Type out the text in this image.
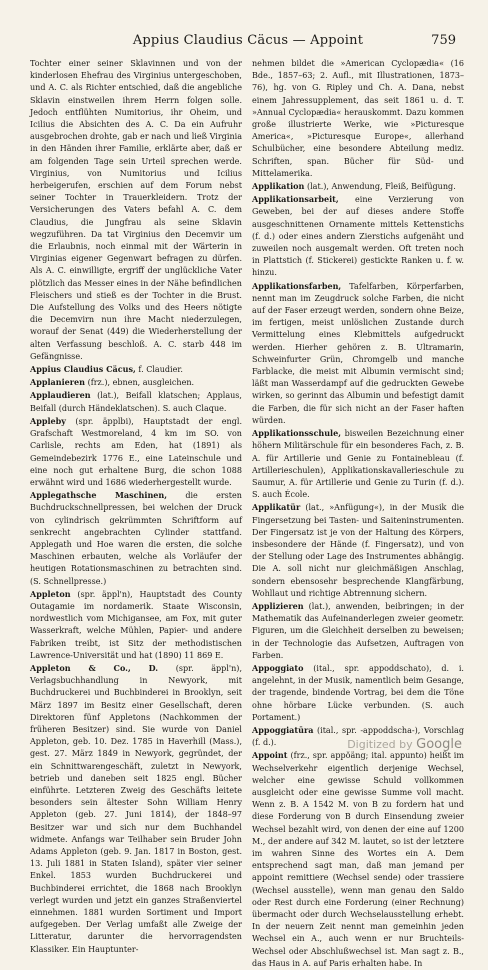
Appius Claudius Cäcus — Appoint	759

Tochter einer seiner Sklavinnen und von der kinderlosen Ehefrau des Virginius untergeschoben, und A. C. als Richter entschied, daß die angebliche Sklavin einstweilen ihrem Herrn folgen solle. Jedoch entflühten Numitorius, ihr Oheim, und Icilius die Absichten des A. C. Da ein Aufruhr ausgebrochen drohte, gab er nach und ließ Virginia in den Händen ihrer Familie, erklärte aber, daß er am folgenden Tage sein Urteil sprechen werde. Virginius, von Numitorius und Icilius herbeigerufen, erschien auf dem Forum nebst seiner Tochter in Trauerkleidern. Trotz der Versicherungen des Vaters befahl A. C. dem Claudius, die Jungfrau als seine Sklavin wegzuführen. Da tat Virginius den Decemvir um die Erlaubnis, noch einmal mit der Wärterin in Virginias eigener Gegenwart befragen zu dürfen. Als A. C. einwilligte, ergriff der unglückliche Vater plötzlich das Messer eines in der Nähe befindlichen Fleischers und stieß es der Tochter in die Brust. Die Aufstellung des Volks und des Heers nötigte die Decemvirn nun ihre Macht niederzulegen, worauf der Senat (449) die Wiederherstellung der alten Verfassung beschloß. A. C. starb 448 im Gefängnisse.

Appius Claudius Cäcus, f. Claudier.

Applanieren (frz.), ebnen, ausgleichen.

Applaudieren (lat.), Beifall klatschen; Applaus, Beifall (durch Händeklatschen). S. auch Claque.

Appleby (spr. äpplbi), Hauptstadt der engl. Grafschaft Westmoreland, 4 km im SO. von Carlisle, rechts am Eden, hat (1891) als Gemeindebezirk 1776 E., eine Lateinschule und eine noch gut erhaltene Burg, die schon 1088 erwähnt wird und 1686 wiederhergestellt wurde.

Applegathsche Maschinen, die ersten Buchdruckschnellpressen, bei welchen der Druck von cylindrisch gekrümmten Schriftform auf senkrecht angebrachten Cylinder stattfand. Applegath und Hoe waren die ersten, die solche Maschinen erbauten, welche als Vorläufer der heutigen Rotationsmaschinen zu betrachten sind. (S. Schnellpresse.)

Appleton (spr. äppl'n), Hauptstadt des County Outagamie im nordamerik. Staate Wisconsin, nordwestlich vom Michigansee, am Fox, mit guter Wasserkraft, welche Mühlen, Papier- und andere Fabriken treibt, ist Sitz der methodistischen Lawrence-Universität und hat (1890) 11 869 E.

Appleton & Co., D. (spr. äppl'n), Verlagsbuchhandlung in Newyork, mit Buchdruckerei und Buchbinderei in Brooklyn, seit März 1897 im Besitz einer Gesellschaft, deren Direktoren fünf Appletons (Nachkommen der früheren Besitzer) sind. Sie wurde von Daniel Appleton, geb. 10. Dez. 1785 in Haverhill (Mass.), gest. 27. März 1849 in Newyork, gegründet, der ein Schnittwarengeschäft, zuletzt in Newyork, betrieb und daneben seit 1825 engl. Bücher einführte. Letzteren Zweig des Geschäfts leitete besonders sein ältester Sohn William Henry Appleton (geb. 27. Juni 1814), der 1848–97 Besitzer war und sich nur dem Buchhandel widmete. Anfangs war Teilhaber sein Bruder John Adams Appleton (geb. 9. Jan. 1817 in Boston, gest. 13. Juli 1881 in Staten Island), später vier seiner Enkel. 1853 wurden Buchdruckerei und Buchbinderei errichtet, die 1868 nach Brooklyn verlegt wurden und jetzt ein ganzes Straßenviertel einnehmen. 1881 wurden Sortiment und Import aufgegeben. Der Verlag umfaßt alle Zweige der Litteratur, darunter die hervorragendsten Klassiker. Ein Hauptunter-

nehmen bildet die »American Cyclopædia« (16 Bde., 1857–63; 2. Aufl., mit Illustrationen, 1873–76), hg. von G. Ripley und Ch. A. Dana, nebst einem Jahressupplement, das seit 1861 u. d. T. »Annual Cyclopædia« herauskommt. Dazu kommen große illustrierte Werke, wie »Picturesque America«, »Picturesque Europe«, allerhand Schulbücher, eine besondere Abteilung mediz. Schriften, span. Bücher für Süd- und Mittelamerika.

Applikation (lat.), Anwendung, Fleiß, Beifügung.

Applikationsarbeit, eine Verzierung von Geweben, bei der auf dieses andere Stoffe ausgeschnittenen Ornamente mittels Kettenstichs (f. d.) oder eines andern Zierstichs aufgenäht und zuweilen noch ausgemalt werden. Oft treten noch in Plattstich (f. Stickerei) gestickte Ranken u. f. w. hinzu.

Applikationsfarben, Tafelfarben, Körperfarben, nennt man im Zeugdruck solche Farben, die nicht auf der Faser erzeugt werden, sondern ohne Beize, im fertigen, meist unlöslichen Zustande durch Vermittelung eines Klebmittels aufgedruckt werden. Hierher gehören z. B. Ultramarin, Schweinfurter Grün, Chromgelb und manche Farblacke, die meist mit Albumin vermischt sind; läßt man Wasserdampf auf die gedruckten Gewebe wirken, so gerinnt das Albumin und befestigt damit die Farben, die für sich nicht an der Faser haften würden.

Applikationsschule, bisweilen Bezeichnung einer höhern Militärschule für ein besonderes Fach, z. B. A. für Artillerie und Genie zu Fontainebleau (f. Artillerieschulen), Applikationskavallerieschule zu Saumur, A. für Artillerie und Genie zu Turin (f. d.). S. auch École.

Applikatür (lat., »Anfügung«), in der Musik die Fingersetzung bei Tasten- und Saiteninstrumenten. Der Fingersatz ist je von der Haltung des Körpers, insbesondere der Hände (f. Fingersatz), und von der Stellung oder Lage des Instrumentes abhängig. Die A. soll nicht nur gleichmäßigen Anschlag, sondern ebensosehr besprechende Klangfärbung, Wohllaut und richtige Abtrennung sichern.

Applizieren (lat.), anwenden, beibringen; in der Mathematik das Aufeinanderlegen zweier geometr. Figuren, um die Gleichheit derselben zu beweisen; in der Technologie das Aufsetzen, Auftragen von Farben.

Appoggiato (ital., spr. appoddschato), d. i. angelehnt, in der Musik, namentlich beim Gesange, der tragende, bindende Vortrag, bei dem die Töne ohne hörbare Lücke verbunden. (S. auch Portament.)

Appoggiatūra (ital., spr. -appoddscha-), Vorschlag (f. d.).

Appoint (frz., spr. appŏäng; ital. appunto) heißt im Wechselverkehr eigentlich derjenige Wechsel, welcher eine gewisse Schuld vollkommen ausgleicht oder eine gewisse Summe voll macht. Wenn z. B. A 1542 M. von B zu fordern hat und diese Forderung von B durch Einsendung zweier Wechsel bezahlt wird, von denen der eine auf 1200 M., der andere auf 342 M. lautet, so ist der letztere im wahren Sinne des Wortes ein A. Dem entsprechend sagt man, daß man jemand per appoint remittiere (Wechsel sende) oder trassiere (Wechsel ausstelle), wenn man genau den Saldo oder Rest durch eine Forderung (einer Rechnung) übermacht oder durch Wechselausstellung erhebt. In der neuern Zeit nennt man gemeinhin jeden Wechsel ein A., auch wenn er nur Bruchteils-Wechsel oder Abschlußwechsel ist. Man sagt z. B., das Haus in A. auf Paris erhalten habe. In

Digitized by Google
